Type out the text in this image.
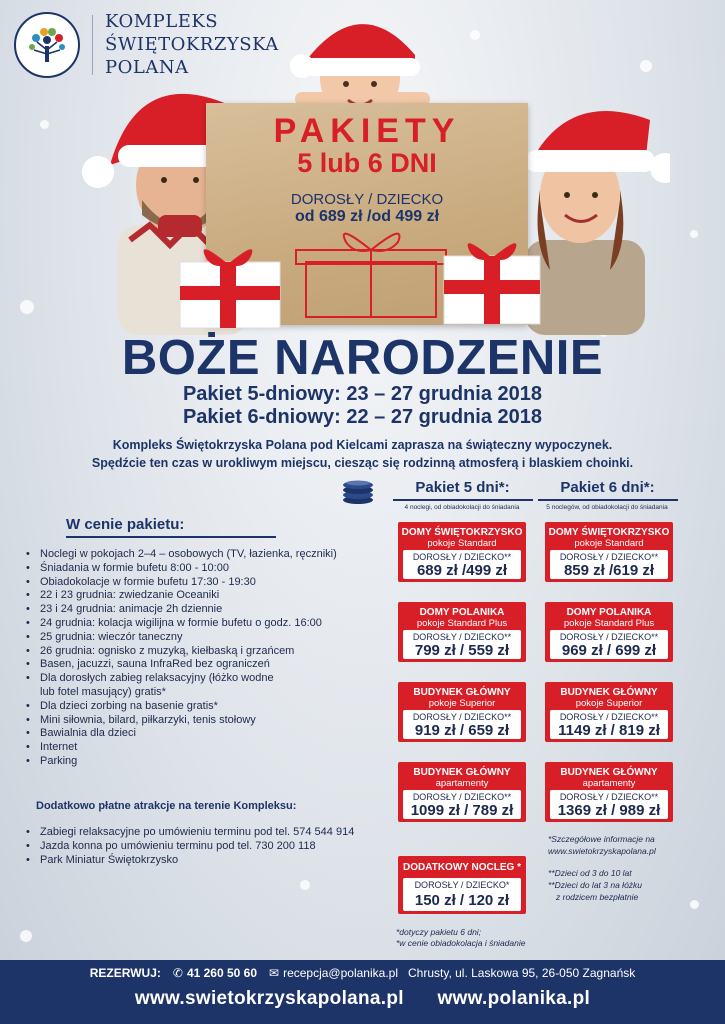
KOMPLEKS
ŚWIĘTOKRZYSKA
POLANA
PAKIETY
5 lub 6 DNI
DOROSŁY / DZIECKO
od 689 zł /od 499 zł
BOŻE NARODZENIE
Pakiet 5-dniowy: 23 – 27 grudnia 2018
Pakiet 6-dniowy: 22 – 27 grudnia 2018
Kompleks Świętokrzyska Polana pod Kielcami zaprasza na świąteczny wypoczynek.
Spędźcie ten czas w urokliwym miejscu, ciesząc się rodzinną atmosferą i blaskiem choinki.
W cenie pakietu:
• Noclegi w pokojach 2–4 – osobowych (TV, łazienka, ręczniki)
• Śniadania w formie bufetu 8:00 - 10:00
• Obiadokolacje w formie bufetu 17:30 - 19:30
• 22 i 23 grudnia: zwiedzanie Oceaniki
• 23 i 24 grudnia: animacje 2h dziennie
• 24 grudnia: kolacja wigilijna w formie bufetu o godz. 16:00
• 25 grudnia: wieczór taneczny
• 26 grudnia: ognisko z muzyką, kiełbaską i grzańcem
• Basen, jacuzzi, sauna InfraRed bez ograniczeń
• Dla dorosłych zabieg relaksacyjny (łóżko wodne
lub fotel masujący) gratis*
• Dla dzieci zorbing na basenie gratis*
• Mini siłownia, bilard, piłkarzyki, tenis stołowy
• Bawialnia dla dzieci
• Internet
• Parking
Dodatkowo płatne atrakcje na terenie Kompleksu:
• Zabiegi relaksacyjne po umówieniu terminu pod tel. 574 544 914
• Jazda konna po umówieniu terminu pod tel. 730 200 118
• Park Miniatur Świętokrzysko
Pakiet 5 dni*:
4 noclegi, od obiadokolacji do śniadania
Pakiet 6 dni*:
5 noclegów, od obiadokolacji do śniadania
DOMY ŚWIĘTOKRZYSKO
pokoje Standard
DOROSŁY / DZIECKO**
689 zł /499 zł
DOMY POLANIKA
pokoje Standard Plus
DOROSŁY / DZIECKO**
799 zł / 559 zł
BUDYNEK GŁÓWNY
pokoje Superior
DOROSŁY / DZIECKO**
919 zł / 659 zł
BUDYNEK GŁÓWNY
apartamenty
DOROSŁY / DZIECKO**
1099 zł / 789 zł
DODATKOWY NOCLEG *
DOROSŁY / DZIECKO*
150 zł / 120 zł
*dotyczy pakietu 6 dni;
*w cenie obiadokolacja i śniadanie
DOMY ŚWIĘTOKRZYSKO
pokoje Standard
DOROSŁY / DZIECKO**
859 zł /619 zł
DOMY POLANIKA
pokoje Standard Plus
DOROSŁY / DZIECKO**
969 zł / 699 zł
BUDYNEK GŁÓWNY
pokoje Superior
DOROSŁY / DZIECKO**
1149 zł / 819 zł
BUDYNEK GŁÓWNY
apartamenty
DOROSŁY / DZIECKO**
1369 zł / 989 zł
*Szczegółowe informacje na
www.swietokrzyskapolana.pl
**Dzieci od 3 do 10 lat
**Dzieci do lat 3 na łóżku
z rodzicem bezpłatnie
REZERWUJ: ✆ 41 260 50 60 ✉ recepcja@polanika.pl Chrusty, ul. Laskowa 95, 26-050 Zagnańsk
www.swietokrzyskapolana.pl www.polanika.pl
